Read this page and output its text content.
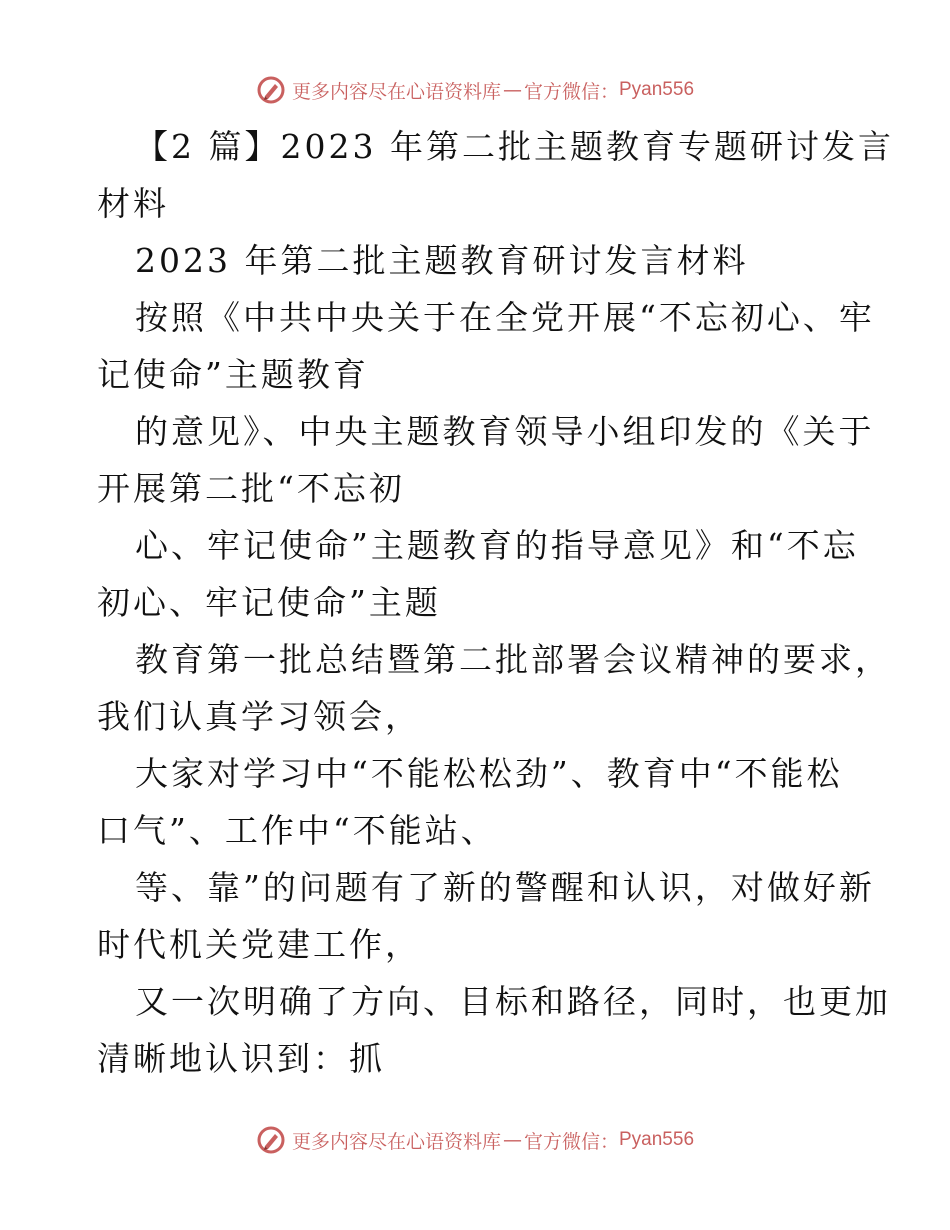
更多内容尽在心语资料库 — 官方微信： Pyan556
【2 篇】2023 年第二批主题教育专题研讨发言
材料
2023 年第二批主题教育研讨发言材料
按照《中共中央关于在全党开展“不忘初心、牢
记使命”主题教育
的意见》、中央主题教育领导小组印发的《关于
开展第二批“不忘初
心、牢记使命”主题教育的指导意见》和“不忘
初心、牢记使命”主题
教育第一批总结暨第二批部署会议精神的要求，
我们认真学习领会，
大家对学习中“不能松松劲”、教育中“不能松
口气”、工作中“不能站、
等、靠”的问题有了新的警醒和认识，对做好新
时代机关党建工作，
又一次明确了方向、目标和路径，同时，也更加
清晰地认识到：抓
更多内容尽在心语资料库 — 官方微信： Pyan556
